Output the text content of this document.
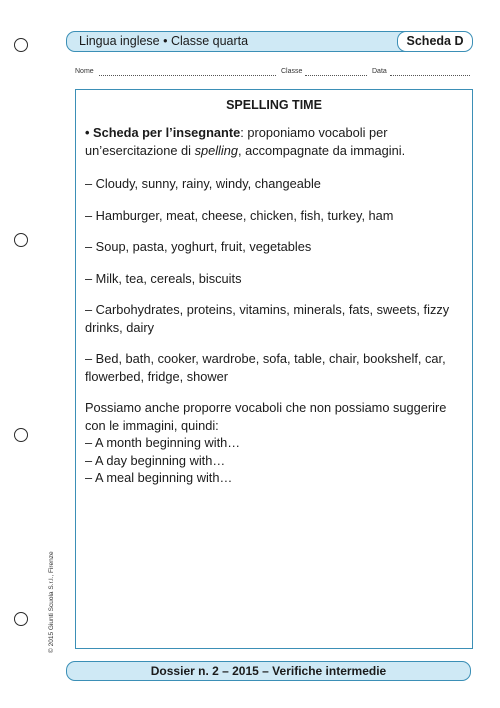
Lingua inglese • Classe quarta	Scheda D
Nome	Classe	Data
SPELLING TIME

• Scheda per l’insegnante: proponiamo vocaboli per un’esercitazione di spelling, accompagnate da immagini.

– Cloudy, sunny, rainy, windy, changeable

– Hamburger, meat, cheese, chicken, fish, turkey, ham

– Soup, pasta, yoghurt, fruit, vegetables

– Milk, tea, cereals, biscuits

– Carbohydrates, proteins, vitamins, minerals, fats, sweets, fizzy drinks, dairy

– Bed, bath, cooker, wardrobe, sofa, table, chair, bookshelf, car, flowerbed, fridge, shower

Possiamo anche proporre vocaboli che non possiamo suggerire con le immagini, quindi:
– A month beginning with…
– A day beginning with…
– A meal beginning with…
© 2015 Giunti Scuola S.r.l., Firenze
Dossier n. 2 – 2015 – Verifiche intermedie
